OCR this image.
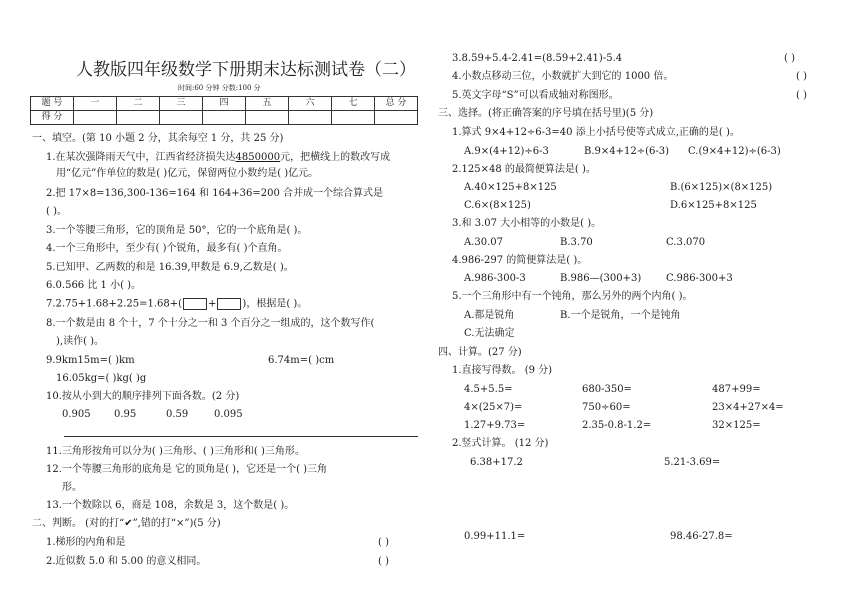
人教版四年级数学下册期末达标测试卷（二）
时间:60 分钟 分数:100 分
题 号	一	二	三	四	五	六	七	总 分
得 分								
一、填空。(第 10 小题 2 分，其余每空 1 分，共 25 分)
1.在某次强降雨天气中，江西省经济损失达4850000元，把横线上的数改写成
用“亿元”作单位的数是( )亿元，保留两位小数约是( )亿元。
2.把 17×8=136,300-136=164 和 164+36=200 合并成一个综合算式是
( )。
3.一个等腰三角形，它的顶角是 50°，它的一个底角是( )。
4.一个三角形中，至少有( )个锐角，最多有( )个直角。
5.已知甲、乙两数的和是 16.39,甲数是 6.9,乙数是( )。
6.0.566 比 1 小( )。
7.2.75+1.68+2.25=1.68+(	+	)，根据是( )。
8.一个数是由 8 个十，7 个十分之一和 3 个百分之一组成的，这个数写作(
),读作( )。
9.9km15m=( )km	6.74m=( )cm
16.05kg=( )kg( )g
10.按从小到大的顺序排列下面各数。(2 分)
0.905 0.95	0.59	0.095
11.三角形按角可以分为( )三角形、( )三角形和( )三角形。
12.一个等腰三角形的底角是 它的顶角是( )，它还是一个( )三角
形。
13.一个数除以 6，商是 108，余数是 3，这个数是( )。
二、判断。 (对的打“✔”,错的打“×”)(5 分)
1.梯形的内角和是	( )
2.近似数 5.0 和 5.00 的意义相同。	( )
3.8.59+5.4-2.41=(8.59+2.41)-5.4	( )
4.小数点移动三位，小数就扩大到它的 1000 倍。	( )
5.英文字母“S”可以看成轴对称图形。	( )
三、选择。(将正确答案的序号填在括号里)(5 分)
1.算式 9×4+12÷6-3=40 添上小括号使等式成立,正确的是( )。
A.9×(4+12)÷6-3	B.9×4+12÷(6-3) C.(9×4+12)÷(6-3)
2.125×48 的最简便算法是( )。
A.40×125+8×125	B.(6×125)×(8×125)
C.6×(8×125)	D.6×125+8×125
3.和 3.07 大小相等的小数是( )。
A.30.07	B.3.70	C.3.070
4.986-297 的简便算法是( )。
A.986-300-3	B.986—(300+3) C.986-300+3
5.一个三角形中有一个钝角，那么另外的两个内角( )。
A.都是锐角	B.一个是锐角，一个是钝角
C.无法确定
四、计算。(27 分)
1.直接写得数。 (9 分)
4.5+5.5=	680-350=	487+99=
4×(25×7)=	750÷60=	23×4+27×4=
1.27+9.73=	2.35-0.8-1.2=	32×125=
2.竖式计算。 (12 分)
6.38+17.2	5.21-3.69=
0.99+11.1=	98.46-27.8=
